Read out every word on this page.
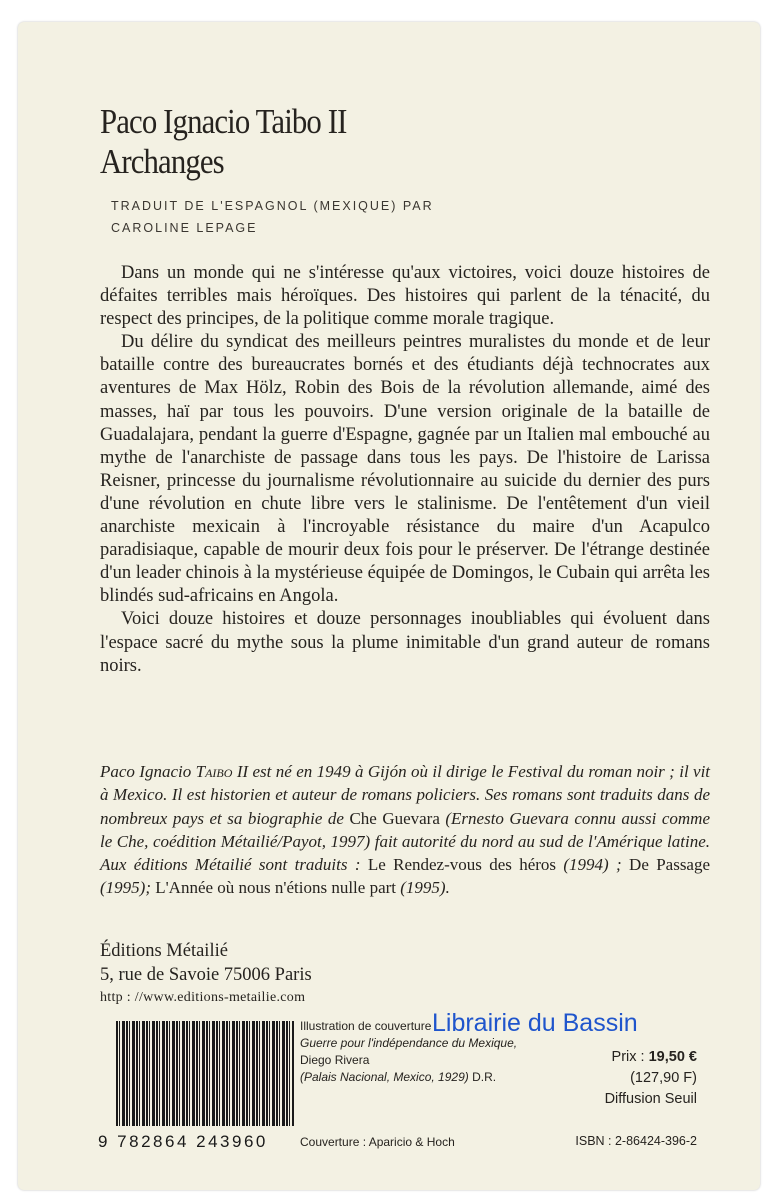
Paco Ignacio Taibo II
Archanges
TRADUIT DE L'ESPAGNOL (MEXIQUE) PAR
CAROLINE LEPAGE

Dans un monde qui ne s'intéresse qu'aux victoires, voici douze histoires de défaites terribles mais héroïques. Des histoires qui parlent de la ténacité, du respect des principes, de la politique comme morale tragique.

Du délire du syndicat des meilleurs peintres muralistes du monde et de leur bataille contre des bureaucrates bornés et des étudiants déjà technocrates aux aventures de Max Hölz, Robin des Bois de la révolution allemande, aimé des masses, haï par tous les pouvoirs. D'une version originale de la bataille de Guadalajara, pendant la guerre d'Espagne, gagnée par un Italien mal embouché au mythe de l'anarchiste de passage dans tous les pays. De l'histoire de Larissa Reisner, princesse du journalisme révolutionnaire au suicide du dernier des purs d'une révolution en chute libre vers le stalinisme. De l'entêtement d'un vieil anarchiste mexicain à l'incroyable résistance du maire d'un Acapulco paradisiaque, capable de mourir deux fois pour le préserver. De l'étrange destinée d'un leader chinois à la mystérieuse équipée de Domingos, le Cubain qui arrêta les blindés sud-africains en Angola.

Voici douze histoires et douze personnages inoubliables qui évoluent dans l'espace sacré du mythe sous la plume inimitable d'un grand auteur de romans noirs.

Paco Ignacio Taibo II est né en 1949 à Gijón où il dirige le Festival du roman noir ; il vit à Mexico. Il est historien et auteur de romans policiers. Ses romans sont traduits dans de nombreux pays et sa biographie de Che Guevara (Ernesto Guevara connu aussi comme le Che, coédition Métailié/Payot, 1997) fait autorité du nord au sud de l'Amérique latine. Aux éditions Métailié sont traduits : Le Rendez-vous des héros (1994) ; De Passage (1995); L'Année où nous n'étions nulle part (1995).
Éditions Métailié
5, rue de Savoie 75006 Paris
http : //www.editions-metailie.com
9 782864 243960
Illustration de couverture
Guerre pour l'indépendance du Mexique,
Diego Rivera
(Palais Nacional, Mexico, 1929) D.R.
Librairie du Bassin
Prix : 19,50 €
(127,90 F)
Diffusion Seuil
Couverture : Aparicio & Hoch	ISBN : 2-86424-396-2
